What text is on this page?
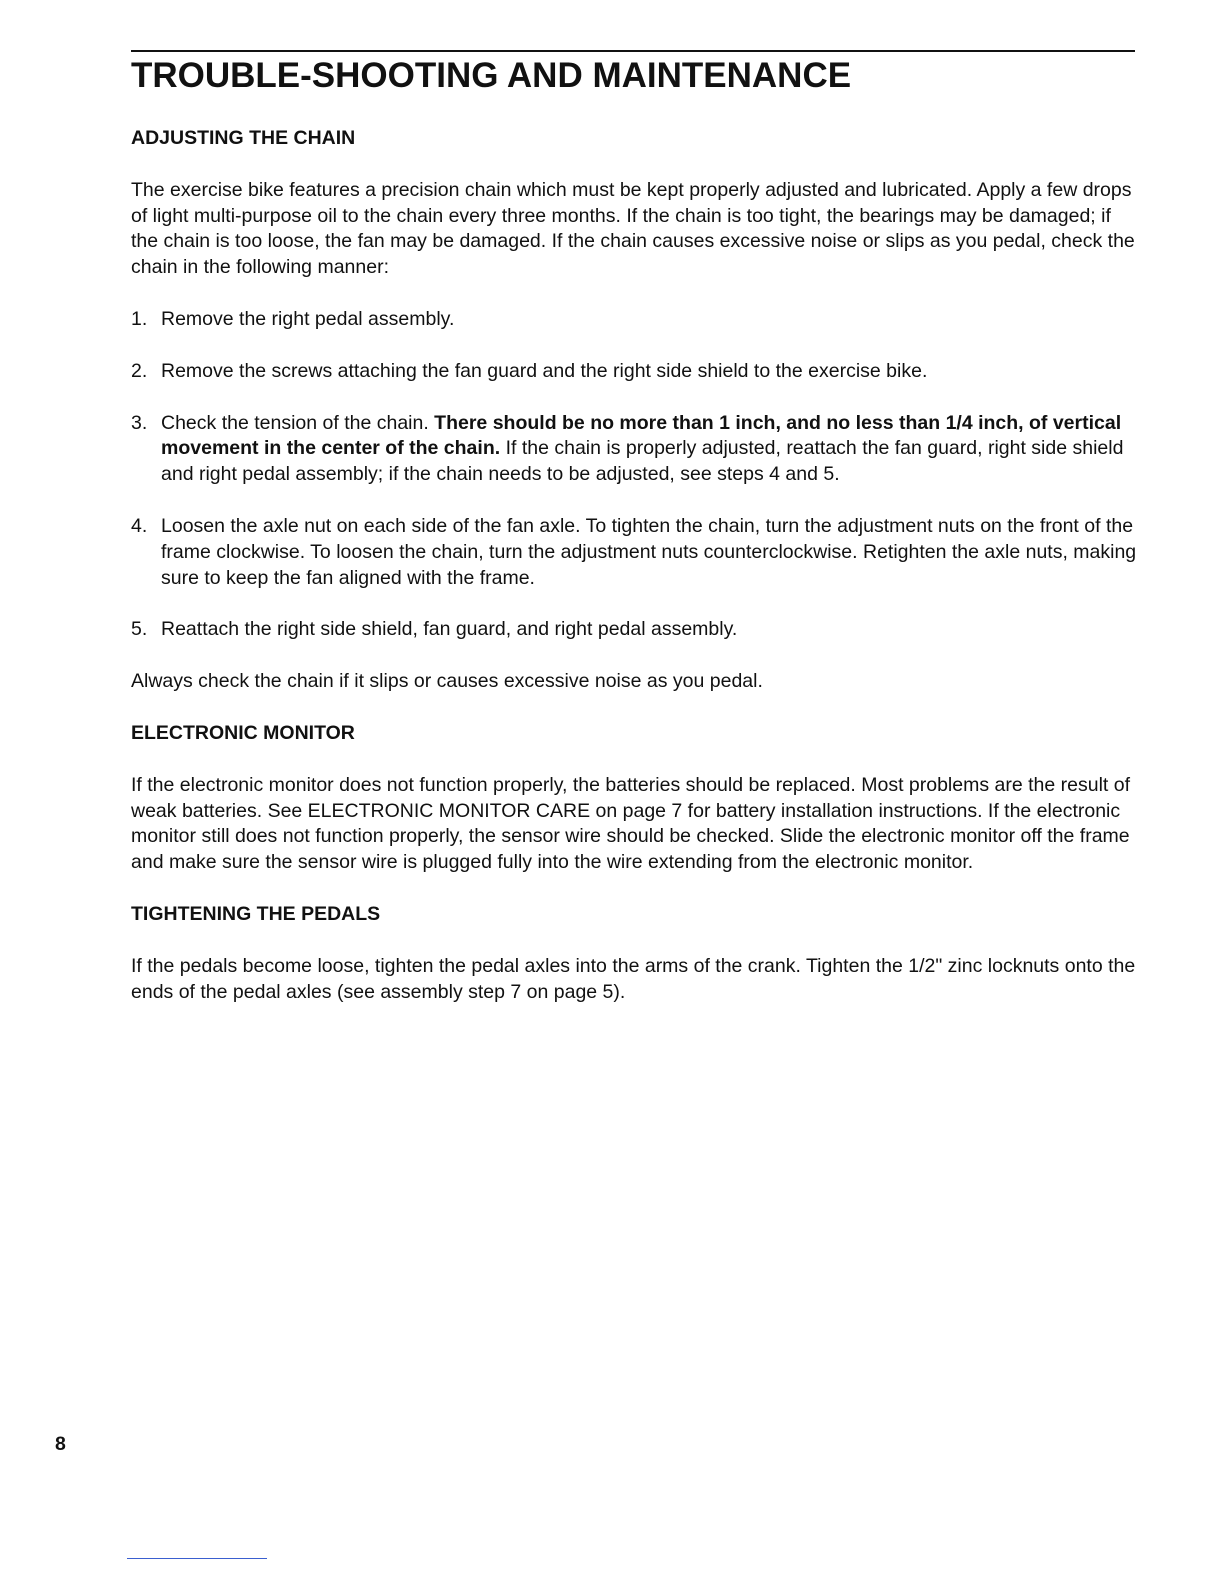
TROUBLE-SHOOTING AND MAINTENANCE
ADJUSTING THE CHAIN

The exercise bike features a precision chain which must be kept properly adjusted and lubricated. Apply a few drops of light multi-purpose oil to the chain every three months. If the chain is too tight, the bearings may be damaged; if the chain is too loose, the fan may be damaged. If the chain causes excessive noise or slips as you pedal, check the chain in the following manner:

1. Remove the right pedal assembly.
2. Remove the screws attaching the fan guard and the right side shield to the exercise bike.
3. Check the tension of the chain. There should be no more than 1 inch, and no less than 1/4 inch, of vertical movement in the center of the chain. If the chain is properly adjusted, reattach the fan guard, right side shield and right pedal assembly; if the chain needs to be adjusted, see steps 4 and 5.
4. Loosen the axle nut on each side of the fan axle. To tighten the chain, turn the adjustment nuts on the front of the frame clockwise. To loosen the chain, turn the adjustment nuts counterclockwise. Retighten the axle nuts, making sure to keep the fan aligned with the frame.
5. Reattach the right side shield, fan guard, and right pedal assembly.

Always check the chain if it slips or causes excessive noise as you pedal.

ELECTRONIC MONITOR

If the electronic monitor does not function properly, the batteries should be replaced. Most problems are the result of weak batteries. See ELECTRONIC MONITOR CARE on page 7 for battery installation instructions. If the electronic monitor still does not function properly, the sensor wire should be checked. Slide the electronic monitor off the frame and make sure the sensor wire is plugged fully into the wire extending from the electronic monitor.

TIGHTENING THE PEDALS

If the pedals become loose, tighten the pedal axles into the arms of the crank. Tighten the 1/2" zinc locknuts onto the ends of the pedal axles (see assembly step 7 on page 5).

8
